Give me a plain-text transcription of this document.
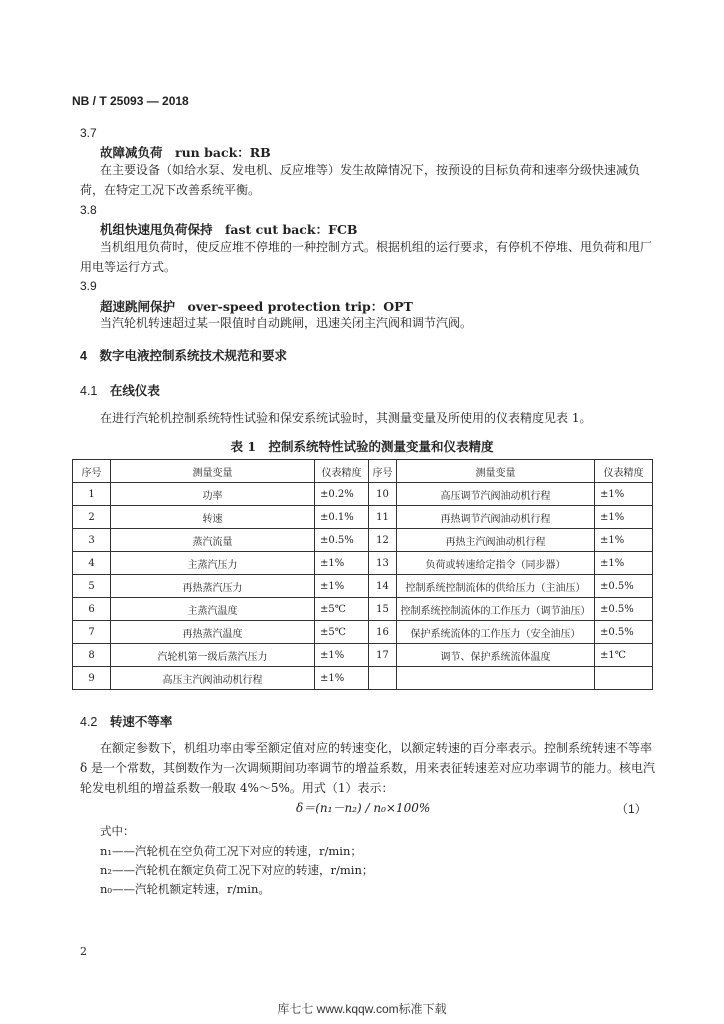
NB / T 25093 — 2018
3.7
故障减负荷　run back：RB
在主要设备（如给水泵、发电机、反应堆等）发生故障情况下，按预设的目标负荷和速率分级快速减负荷，在特定工况下改善系统平衡。
3.8
机组快速甩负荷保持　fast cut back：FCB
当机组甩负荷时，使反应堆不停堆的一种控制方式。根据机组的运行要求，有停机不停堆、甩负荷和甩厂用电等运行方式。
3.9
超速跳闸保护　over-speed protection trip：OPT
当汽轮机转速超过某一限值时自动跳闸，迅速关闭主汽阀和调节汽阀。
4　数字电液控制系统技术规范和要求
4.1　 在线仪表
在进行汽轮机控制系统特性试验和保安系统试验时，其测量变量及所使用的仪表精度见表 1。
表 1　控制系统特性试验的测量变量和仪表精度
序号	测量变量	仪表精度	序号	测量变量	仪表精度
1	功率	±0.2%	10	高压调节汽阀油动机行程	±1%
2	转速	±0.1%	11	再热调节汽阀油动机行程	±1%
3	蒸汽流量	±0.5%	12	再热主汽阀油动机行程	±1%
4	主蒸汽压力	±1%	13	负荷或转速给定指令（同步器）	±1%
5	再热蒸汽压力	±1%	14	控制系统控制流体的供给压力（主油压）	±0.5%
6	主蒸汽温度	±5℃	15	控制系统控制流体的工作压力（调节油压）	±0.5%
7	再热蒸汽温度	±5℃	16	保护系统流体的工作压力（安全油压）	±0.5%
8	汽轮机第一级后蒸汽压力	±1%	17	调节、保护系统流体温度	±1℃
9	高压主汽阀油动机行程	±1%			
4.2　 转速不等率
在额定参数下，机组功率由零至额定值对应的转速变化，以额定转速的百分率表示。控制系统转速不等率 δ 是一个常数，其倒数作为一次调频期间功率调节的增益系数，用来表征转速差对应功率调节的能力。核电汽轮发电机组的增益系数一般取 4%～5%。用式（1）表示：
δ＝(n₁－n₂) / n₀×100%	（1）
式中：
n₁——汽轮机在空负荷工况下对应的转速，r/min；
n₂——汽轮机在额定负荷工况下对应的转速，r/min；
n₀——汽轮机额定转速，r/min。
2
库七七 www.kqqw.com标准下载
